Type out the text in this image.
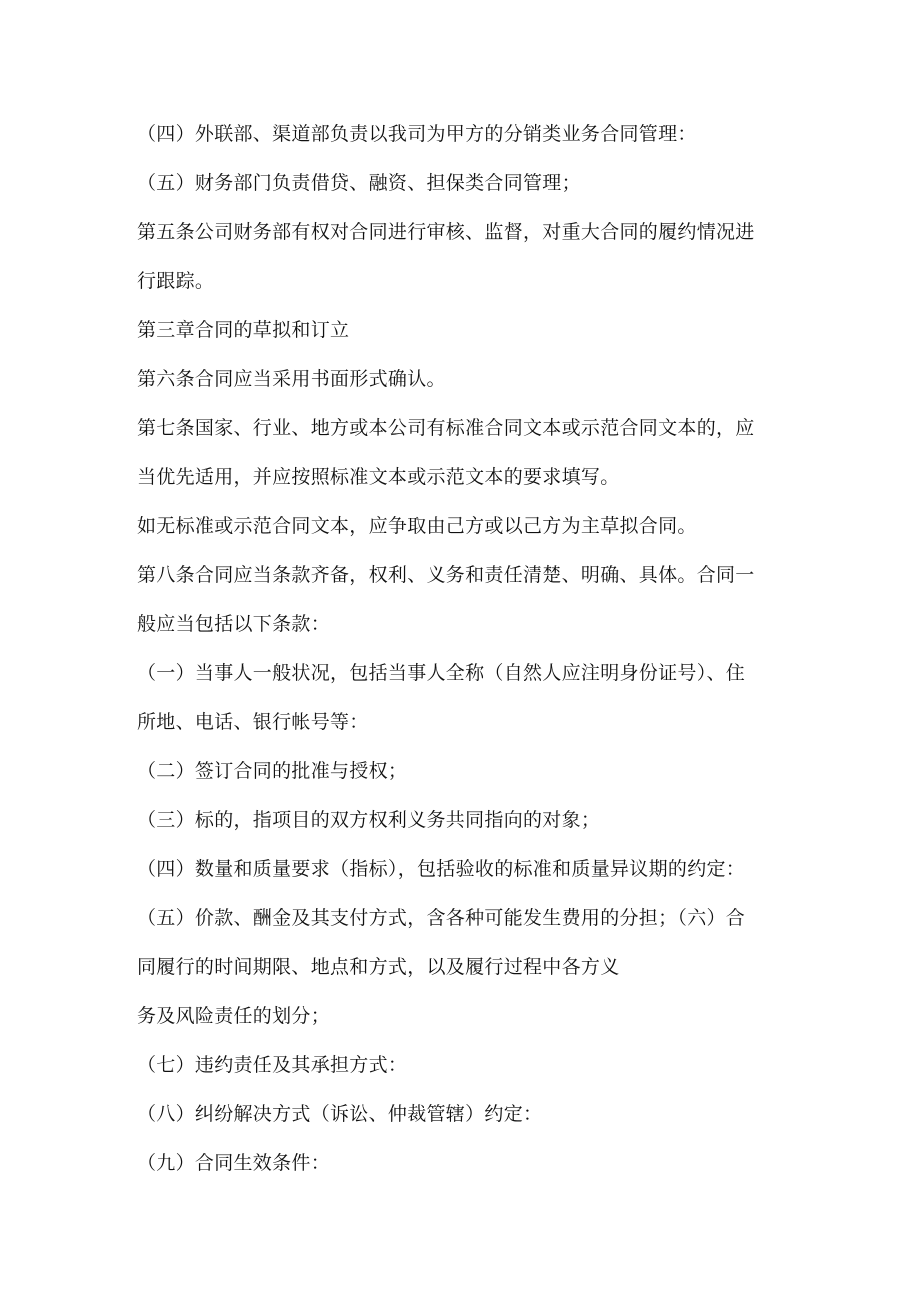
（四）外联部、渠道部负责以我司为甲方的分销类业务合同管理：
（五）财务部门负责借贷、融资、担保类合同管理；
第五条公司财务部有权对合同进行审核、监督，对重大合同的履约情况进
行跟踪。
第三章合同的草拟和订立
第六条合同应当采用书面形式确认。
第七条国家、行业、地方或本公司有标准合同文本或示范合同文本的，应
当优先适用，并应按照标准文本或示范文本的要求填写。
如无标准或示范合同文本，应争取由己方或以己方为主草拟合同。
第八条合同应当条款齐备，权利、义务和责任清楚、明确、具体。合同一
般应当包括以下条款：
（一）当事人一般状况，包括当事人全称（自然人应注明身份证号）、住
所地、电话、银行帐号等：
（二）签订合同的批准与授权；
（三）标的，指项目的双方权利义务共同指向的对象；
（四）数量和质量要求（指标），包括验收的标准和质量异议期的约定：
（五）价款、酬金及其支付方式，含各种可能发生费用的分担；（六）合
同履行的时间期限、地点和方式，以及履行过程中各方义
务及风险责任的划分；
（七）违约责任及其承担方式：
（八）纠纷解决方式（诉讼、仲裁管辖）约定：
（九）合同生效条件：
